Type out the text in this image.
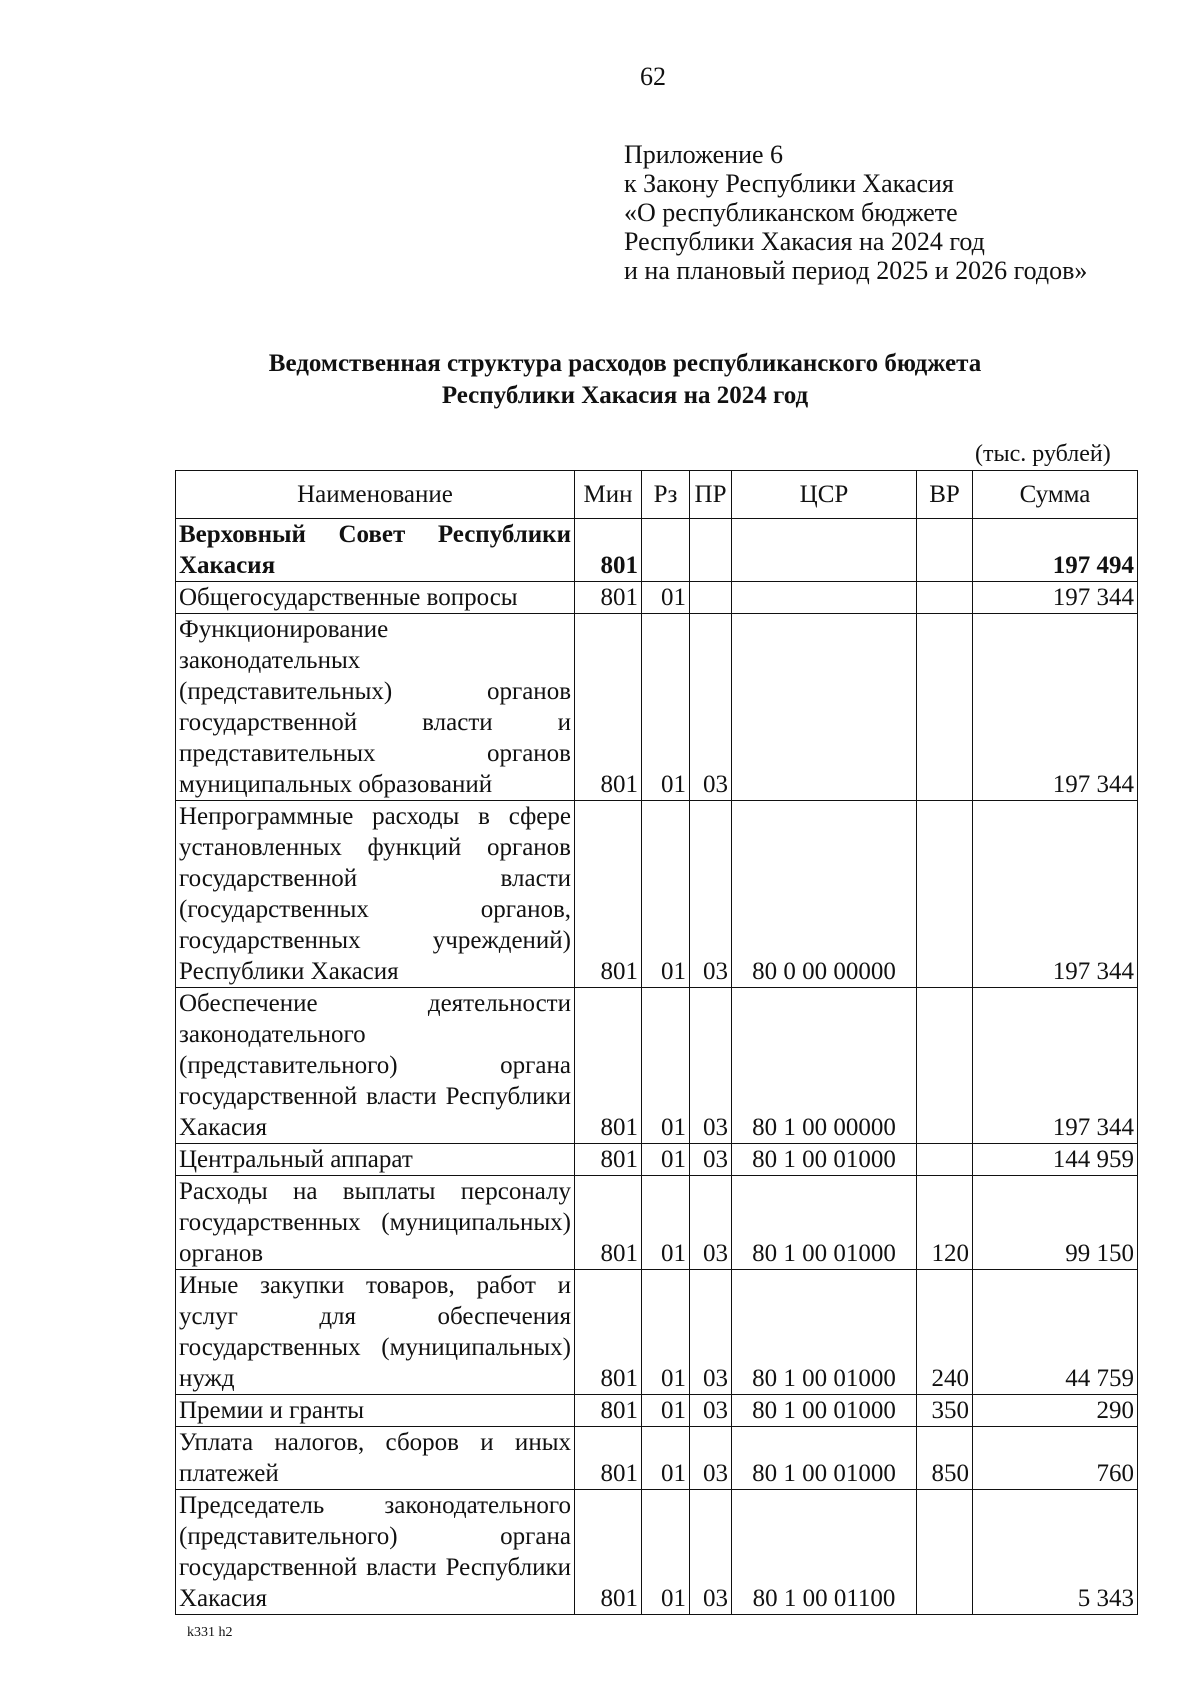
62
Приложение 6
к Закону Республики Хакасия
«О республиканском бюджете
Республики Хакасия на 2024 год
и на плановый период 2025 и 2026 годов»
Ведомственная структура расходов республиканского бюджета
Республики Хакасия на 2024 год
(тыс. рублей)
Наименование	Мин	Рз	ПР	ЦСР	ВР	Сумма
Верховный Совет Республики Хакасия	801					197 494
Общегосударственные вопросы	801	01				197 344
Функционирование законодательных (представительных) органов государственной власти и представительных органов муниципальных образований	801	01	03			197 344
Непрограммные расходы в сфере установленных функций органов государственной власти (государственных органов, государственных учреждений) Республики Хакасия	801	01	03	80 0 00 00000		197 344
Обеспечение деятельности законодательного (представительного) органа государственной власти Республики Хакасия	801	01	03	80 1 00 00000		197 344
Центральный аппарат	801	01	03	80 1 00 01000		144 959
Расходы на выплаты персоналу государственных (муниципальных) органов	801	01	03	80 1 00 01000	120	99 150
Иные закупки товаров, работ и услуг для обеспечения государственных (муниципальных) нужд	801	01	03	80 1 00 01000	240	44 759
Премии и гранты	801	01	03	80 1 00 01000	350	290
Уплата налогов, сборов и иных платежей	801	01	03	80 1 00 01000	850	760
Председатель законодательного (представительного) органа государственной власти Республики Хакасия	801	01	03	80 1 00 01100		5 343
k331 h2
